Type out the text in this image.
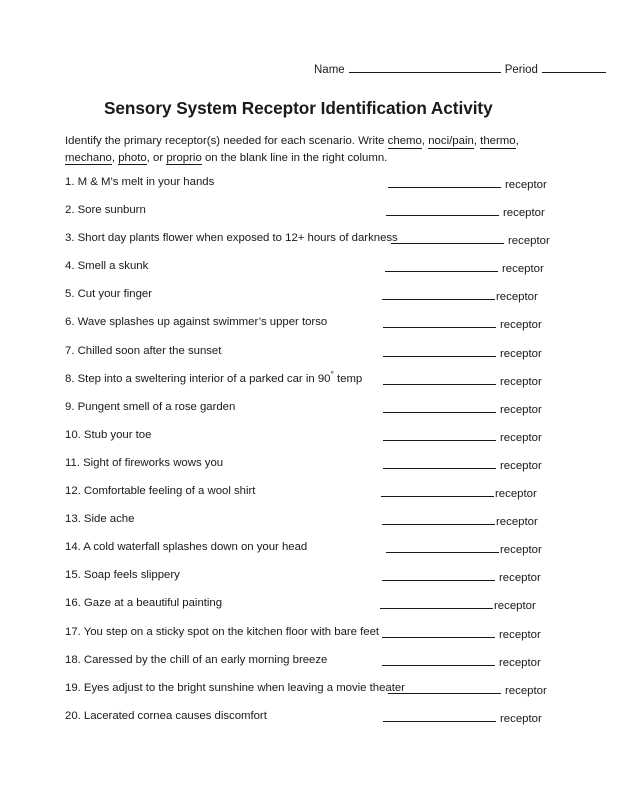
Name	Period
Sensory System Receptor Identification Activity
Identify the primary receptor(s) needed for each scenario. Write chemo, noci/pain, thermo, mechano, photo, or proprio on the blank line in the right column.
1. M & M’s melt in your hands	receptor
2. Sore sunburn	receptor
3. Short day plants flower when exposed to 12+ hours of darkness	receptor
4. Smell a skunk	receptor
5. Cut your finger	receptor
6. Wave splashes up against swimmer’s upper torso	receptor
7. Chilled soon after the sunset	receptor
8. Step into a sweltering interior of a parked car in 90° temp	receptor
9. Pungent smell of a rose garden	receptor
10. Stub your toe	receptor
11. Sight of fireworks wows you	receptor
12. Comfortable feeling of a wool shirt	receptor
13. Side ache	receptor
14. A cold waterfall splashes down on your head	receptor
15. Soap feels slippery	receptor
16. Gaze at a beautiful painting	receptor
17. You step on a sticky spot on the kitchen floor with bare feet	receptor
18. Caressed by the chill of an early morning breeze	receptor
19. Eyes adjust to the bright sunshine when leaving a movie theater	receptor
20. Lacerated cornea causes discomfort	receptor
